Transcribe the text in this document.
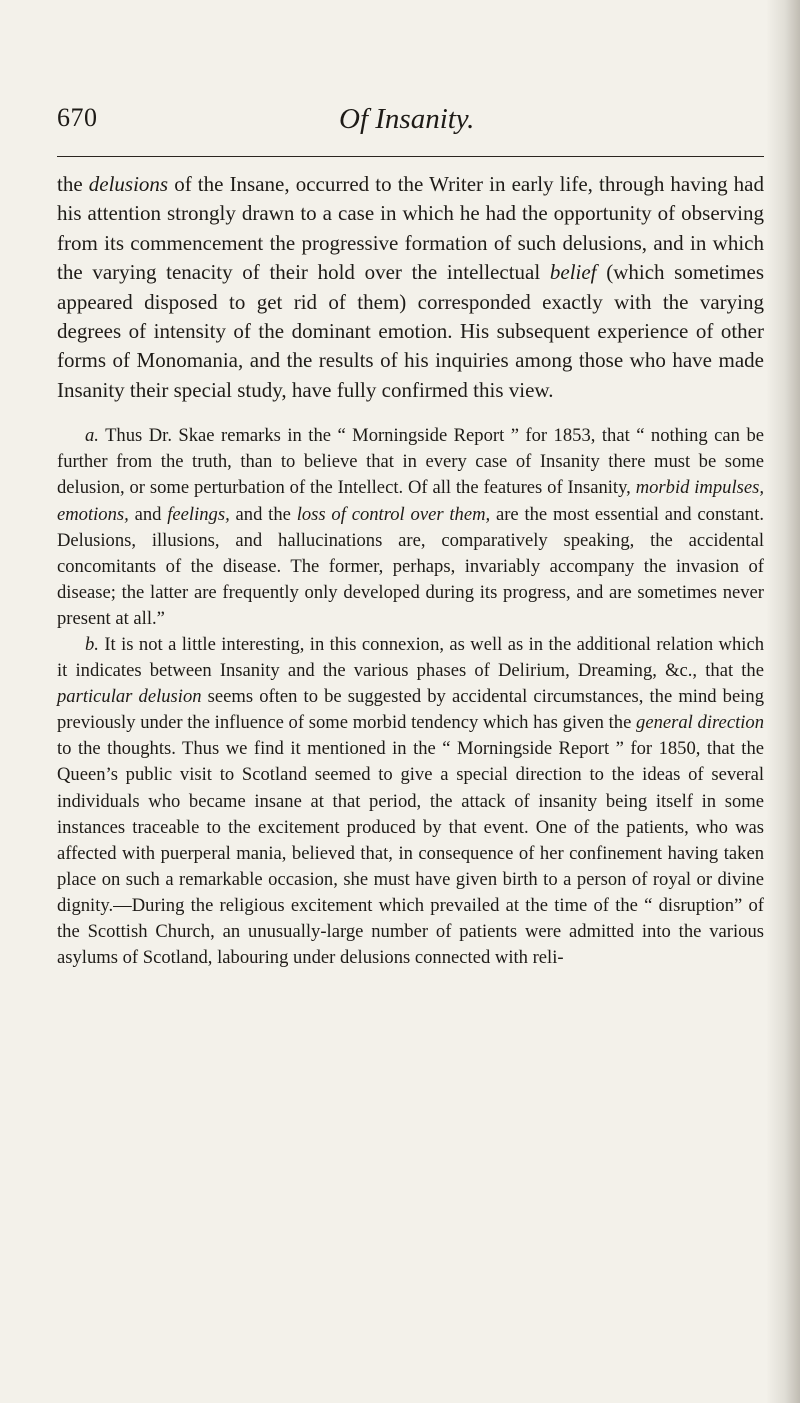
670	Of Insanity.

the delusions of the Insane, occurred to the Writer in early life, through having had his attention strongly drawn to a case in which he had the opportunity of observing from its commencement the progressive formation of such delusions, and in which the varying tenacity of their hold over the intellectual belief (which sometimes appeared disposed to get rid of them) corresponded exactly with the varying degrees of intensity of the dominant emotion. His subsequent experience of other forms of Monomania, and the results of his inquiries among those who have made Insanity their special study, have fully confirmed this view.

a. Thus Dr. Skae remarks in the “ Morningside Report ” for 1853, that “ nothing can be further from the truth, than to believe that in every case of Insanity there must be some delusion, or some perturbation of the Intellect. Of all the features of Insanity, morbid impulses, emotions, and feelings, and the loss of control over them, are the most essential and constant. Delusions, illusions, and hallucinations are, comparatively speaking, the accidental concomitants of the disease. The former, perhaps, invariably accompany the invasion of disease; the latter are frequently only developed during its progress, and are sometimes never present at all.”

b. It is not a little interesting, in this connexion, as well as in the additional relation which it indicates between Insanity and the various phases of Delirium, Dreaming, &c., that the particular delusion seems often to be suggested by accidental circumstances, the mind being previously under the influence of some morbid tendency which has given the general direction to the thoughts. Thus we find it mentioned in the “ Morningside Report ” for 1850, that the Queen’s public visit to Scotland seemed to give a special direction to the ideas of several individuals who became insane at that period, the attack of insanity being itself in some instances traceable to the excitement produced by that event. One of the patients, who was affected with puerperal mania, believed that, in consequence of her confinement having taken place on such a remarkable occasion, she must have given birth to a person of royal or divine dignity.—During the religious excitement which prevailed at the time of the “ disruption” of the Scottish Church, an unusually-large number of patients were admitted into the various asylums of Scotland, labouring under delusions connected with reli-
